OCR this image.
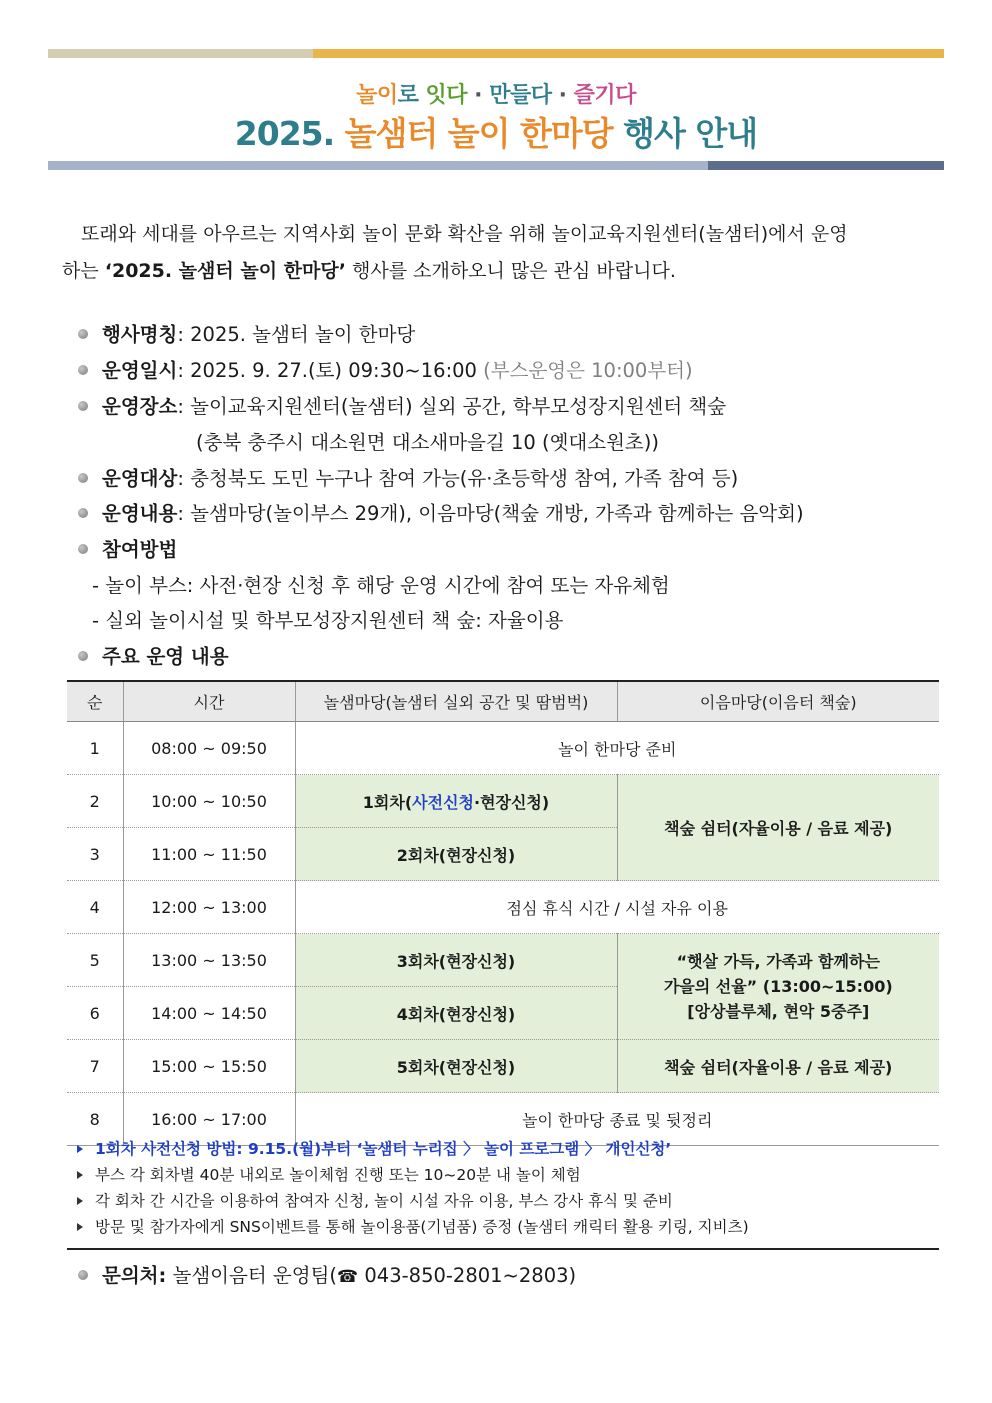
놀이로 잇다 · 만들다 · 즐기다
2025. 놀샘터 놀이 한마당 행사 안내

또래와 세대를 아우르는 지역사회 놀이 문화 확산을 위해 놀이교육지원센터(놀샘터)에서 운영

하는 ‘2025. 놀샘터 놀이 한마당’ 행사를 소개하오니 많은 관심 바랍니다.

행사명칭: 2025. 놀샘터 놀이 한마당
운영일시: 2025. 9. 27.(토) 09:30~16:00 (부스운영은 10:00부터)
운영장소: 놀이교육지원센터(놀샘터) 실외 공간, 학부모성장지원센터 책숲
(충북 충주시 대소원면 대소새마을길 10 (옛대소원초))
운영대상: 충청북도 도민 누구나 참여 가능(유·초등학생 참여, 가족 참여 등)
운영내용: 놀샘마당(놀이부스 29개), 이음마당(책숲 개방, 가족과 함께하는 음악회)
참여방법
- 놀이 부스: 사전·현장 신청 후 해당 운영 시간에 참여 또는 자유체험
- 실외 놀이시설 및 학부모성장지원센터 책 숲: 자율이용
주요 운영 내용
순	시간	놀샘마당(놀샘터 실외 공간 및 땀범벅)	이음마당(이음터 책숲)
1	08:00 ~ 09:50	놀이 한마당 준비	
2	10:00 ~ 10:50	1회차(사전신청·현장신청)	책숲 쉼터(자율이용 / 음료 제공)
3	11:00 ~ 11:50	2회차(현장신청)	
4	12:00 ~ 13:00	점심 휴식 시간 / 시설 자유 이용	
5	13:00 ~ 13:50	3회차(현장신청)	“햇살 가득, 가족과 함께하는
가을의 선율” (13:00~15:00)
[앙상블루체, 현악 5중주]

6	14:00 ~ 14:50	4회차(현장신청)	
7	15:00 ~ 15:50	5회차(현장신청)	책숲 쉼터(자율이용 / 음료 제공)
8	16:00 ~ 17:00	놀이 한마당 종료 및 뒷정리	
1회차 사전신청 방법: 9.15.(월)부터 ‘놀샘터 누리집 〉 놀이 프로그램 〉 개인신청’
부스 각 회차별 40분 내외로 놀이체험 진행 또는 10~20분 내 놀이 체험
각 회차 간 시간을 이용하여 참여자 신청, 놀이 시설 자유 이용, 부스 강사 휴식 및 준비
방문 및 참가자에게 SNS이벤트를 통해 놀이용품(기념품) 증정 (놀샘터 캐릭터 활용 키링, 지비츠)
문의처: 놀샘이음터 운영팀(☎ 043-850-2801~2803)
